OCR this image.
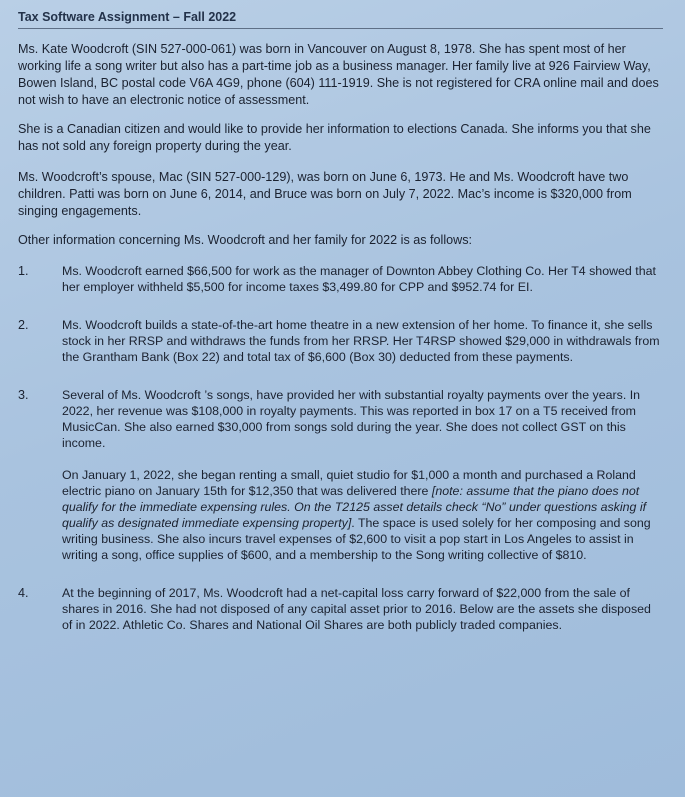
Tax Software Assignment – Fall 2022

Ms. Kate Woodcroft (SIN 527-000-061) was born in Vancouver on August 8, 1978. She has spent most of her working life a song writer but also has a part-time job as a business manager. Her family live at 926 Fairview Way, Bowen Island, BC postal code V6A 4G9, phone (604) 111-1919. She is not registered for CRA online mail and does not wish to have an electronic notice of assessment.

She is a Canadian citizen and would like to provide her information to elections Canada. She informs you that she has not sold any foreign property during the year.

Ms. Woodcroft’s spouse, Mac (SIN 527-000-129), was born on June 6, 1973. He and Ms. Woodcroft have two children. Patti was born on June 6, 2014, and Bruce was born on July 7, 2022. Mac’s income is $320,000 from singing engagements.

Other information concerning Ms. Woodcroft and her family for 2022 is as follows:

1.	Ms. Woodcroft earned $66,500 for work as the manager of Downton Abbey Clothing Co. Her T4 showed that her employer withheld $5,500 for income taxes $3,499.80 for CPP and $952.74 for EI.

2.	Ms. Woodcroft builds a state-of-the-art home theatre in a new extension of her home. To finance it, she sells stock in her RRSP and withdraws the funds from her RRSP. Her T4RSP showed $29,000 in withdrawals from the Grantham Bank (Box 22) and total tax of $6,600 (Box 30) deducted from these payments.

3.	Several of Ms. Woodcroft ’s songs, have provided her with substantial royalty payments over the years. In 2022, her revenue was $108,000 in royalty payments. This was reported in box 17 on a T5 received from MusicCan. She also earned $30,000 from songs sold during the year. She does not collect GST on this income.

On January 1, 2022, she began renting a small, quiet studio for $1,000 a month and purchased a Roland electric piano on January 15th for $12,350 that was delivered there [note: assume that the piano does not qualify for the immediate expensing rules. On the T2125 asset details check “No” under questions asking if qualify as designated immediate expensing property]. The space is used solely for her composing and song writing business. She also incurs travel expenses of $2,600 to visit a pop start in Los Angeles to assist in writing a song, office supplies of $600, and a membership to the Song writing collective of $810.

4.	At the beginning of 2017, Ms. Woodcroft had a net-capital loss carry forward of $22,000 from the sale of shares in 2016. She had not disposed of any capital asset prior to 2016. Below are the assets she disposed of in 2022. Athletic Co. Shares and National Oil Shares are both publicly traded companies.
